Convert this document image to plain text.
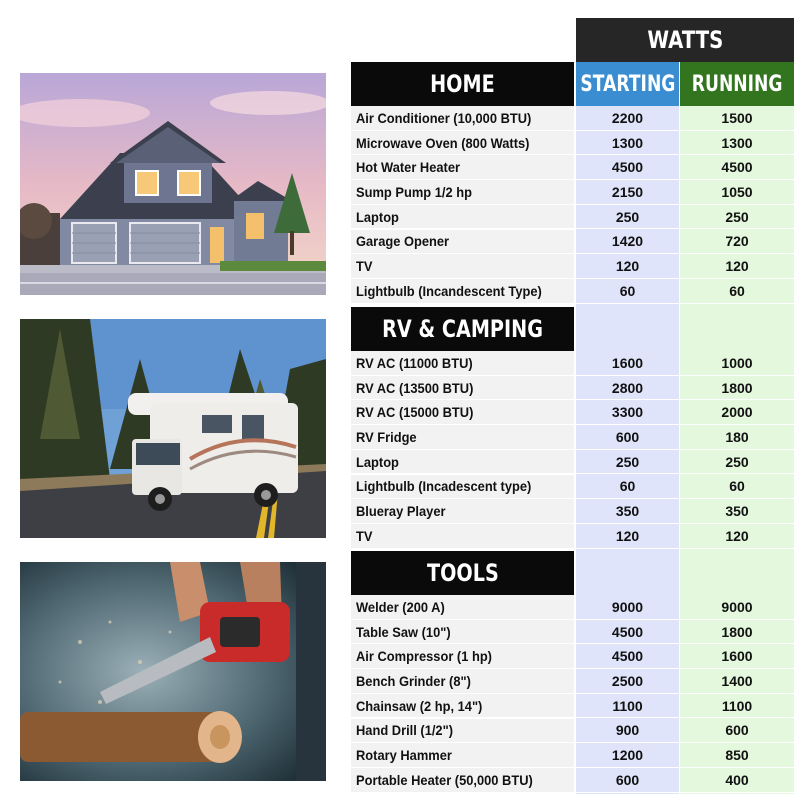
WATTS
STARTING RUNNING
HOME
Air Conditioner (10,000 BTU)	2200	1500
Microwave Oven (800 Watts)	1300	1300
Hot Water Heater	4500	4500
Sump Pump 1/2 hp	2150	1050
Laptop	250	250
Garage Opener	1420	720
TV	120	120
Lightbulb (Incandescent Type)	60	60
RV & CAMPING
RV AC (11000 BTU)	1600	1000
RV AC (13500 BTU)	2800	1800
RV AC (15000 BTU)	3300	2000
RV Fridge	600	180
Laptop	250	250
Lightbulb (Incadescent type)	60	60
Blueray Player	350	350
TV	120	120
TOOLS
Welder (200 A)	9000	9000
Table Saw (10")	4500	1800
Air Compressor (1 hp)	4500	1600
Bench Grinder (8")	2500	1400
Chainsaw (2 hp, 14")	1100	1100
Hand Drill (1/2")	900	600
Rotary Hammer	1200	850
Portable Heater (50,000 BTU)	600	400
